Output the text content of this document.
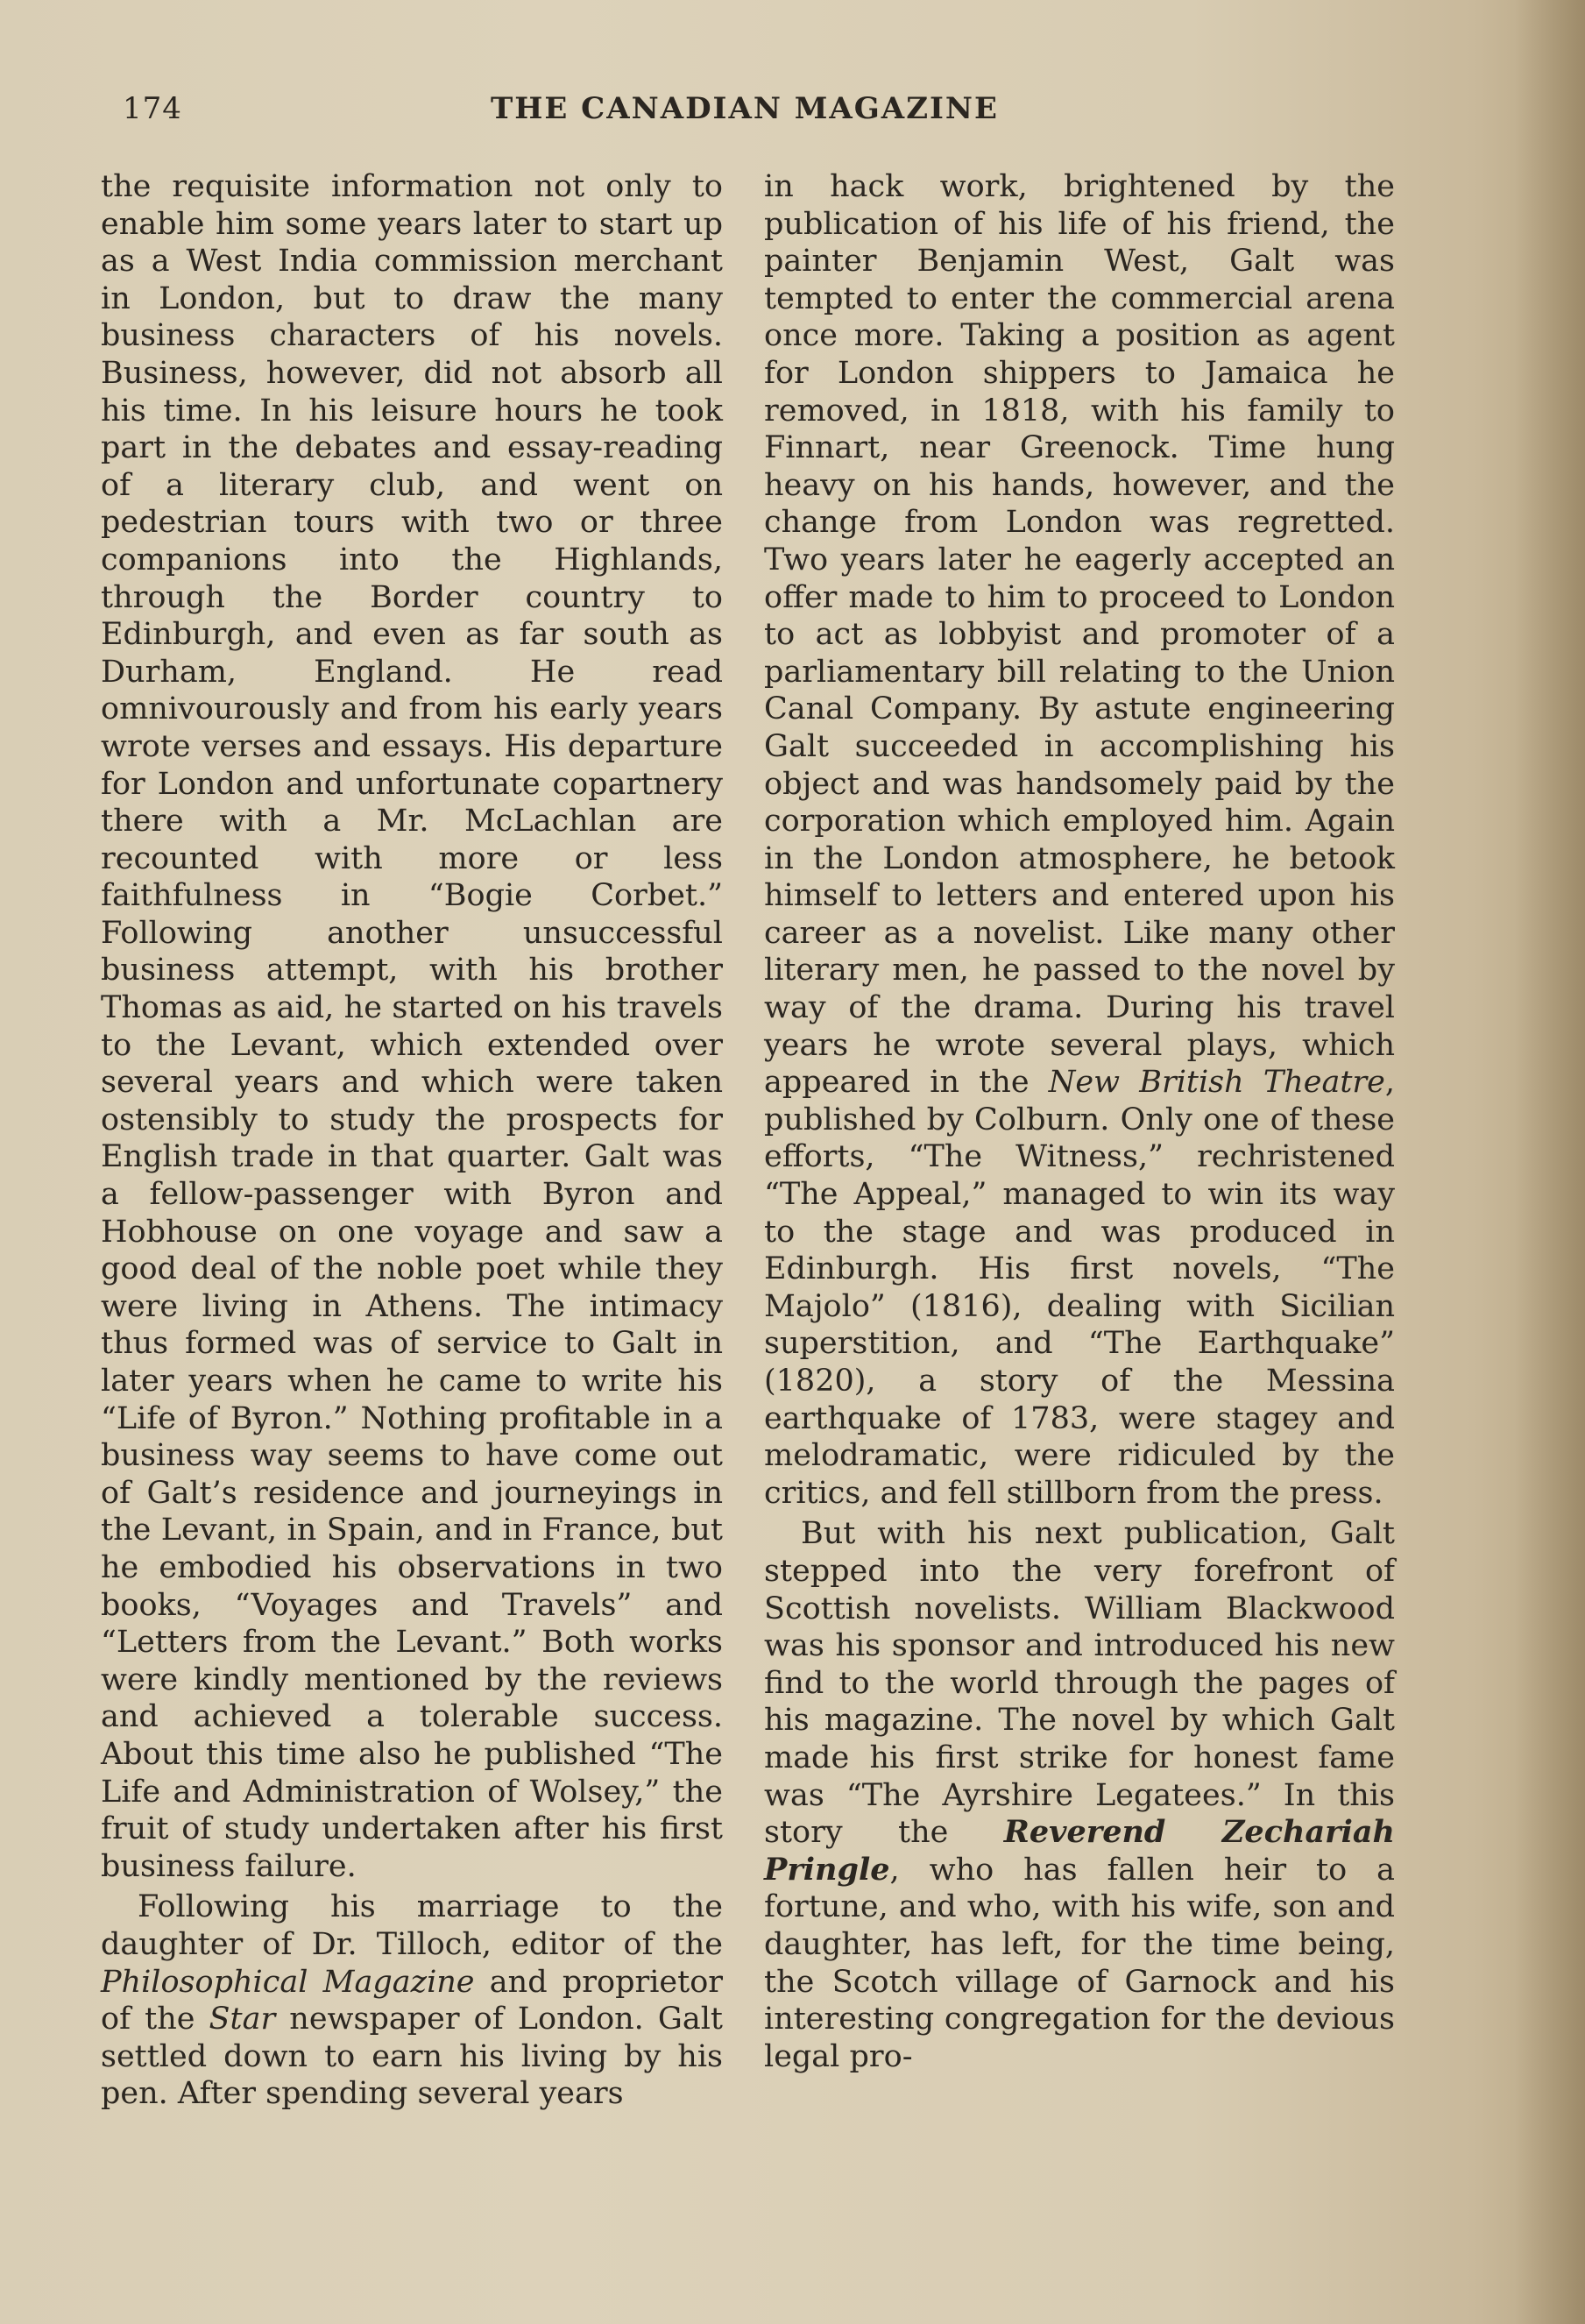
174	THE CANADIAN MAGAZINE

the requisite information not only to enable him some years later to start up as a West India commission merchant in London, but to draw the many business characters of his novels. Business, however, did not absorb all his time. In his leisure hours he took part in the debates and essay-reading of a literary club, and went on pedestrian tours with two or three companions into the Highlands, through the Border country to Edinburgh, and even as far south as Durham, England. He read omnivourously and from his early years wrote verses and essays. His departure for London and unfortunate copartnery there with a Mr. McLachlan are recounted with more or less faithfulness in “Bogie Corbet.” Following another unsuccessful business attempt, with his brother Thomas as aid, he started on his travels to the Levant, which extended over several years and which were taken ostensibly to study the prospects for English trade in that quarter. Galt was a fellow-passenger with Byron and Hobhouse on one voyage and saw a good deal of the noble poet while they were living in Athens. The intimacy thus formed was of service to Galt in later years when he came to write his “Life of Byron.” Nothing profitable in a business way seems to have come out of Galt’s residence and journeyings in the Levant, in Spain, and in France, but he embodied his observations in two books, “Voyages and Travels” and “Letters from the Levant.” Both works were kindly mentioned by the reviews and achieved a tolerable success. About this time also he published “The Life and Administration of Wolsey,” the fruit of study undertaken after his first business failure.

Following his marriage to the daughter of Dr. Tilloch, editor of the Philosophical Magazine and proprietor of the Star newspaper of London. Galt settled down to earn his living by his pen. After spending several years

in hack work, brightened by the publication of his life of his friend, the painter Benjamin West, Galt was tempted to enter the commercial arena once more. Taking a position as agent for London shippers to Jamaica he removed, in 1818, with his family to Finnart, near Greenock. Time hung heavy on his hands, however, and the change from London was regretted. Two years later he eagerly accepted an offer made to him to proceed to London to act as lobbyist and promoter of a parliamentary bill relating to the Union Canal Company. By astute engineering Galt succeeded in accomplishing his object and was handsomely paid by the corporation which employed him. Again in the London atmosphere, he betook himself to letters and entered upon his career as a novelist. Like many other literary men, he passed to the novel by way of the drama. During his travel years he wrote several plays, which appeared in the New British Theatre, published by Colburn. Only one of these efforts, “The Witness,” rechristened “The Appeal,” managed to win its way to the stage and was produced in Edinburgh. His first novels, “The Majolo” (1816), dealing with Sicilian superstition, and “The Earthquake” (1820), a story of the Messina earthquake of 1783, were stagey and melodramatic, were ridiculed by the critics, and fell stillborn from the press.

But with his next publication, Galt stepped into the very forefront of Scottish novelists. William Blackwood was his sponsor and introduced his new find to the world through the pages of his magazine. The novel by which Galt made his first strike for honest fame was “The Ayrshire Legatees.” In this story the Reverend Zechariah Pringle, who has fallen heir to a fortune, and who, with his wife, son and daughter, has left, for the time being, the Scotch village of Garnock and his interesting congregation for the devious legal pro-
